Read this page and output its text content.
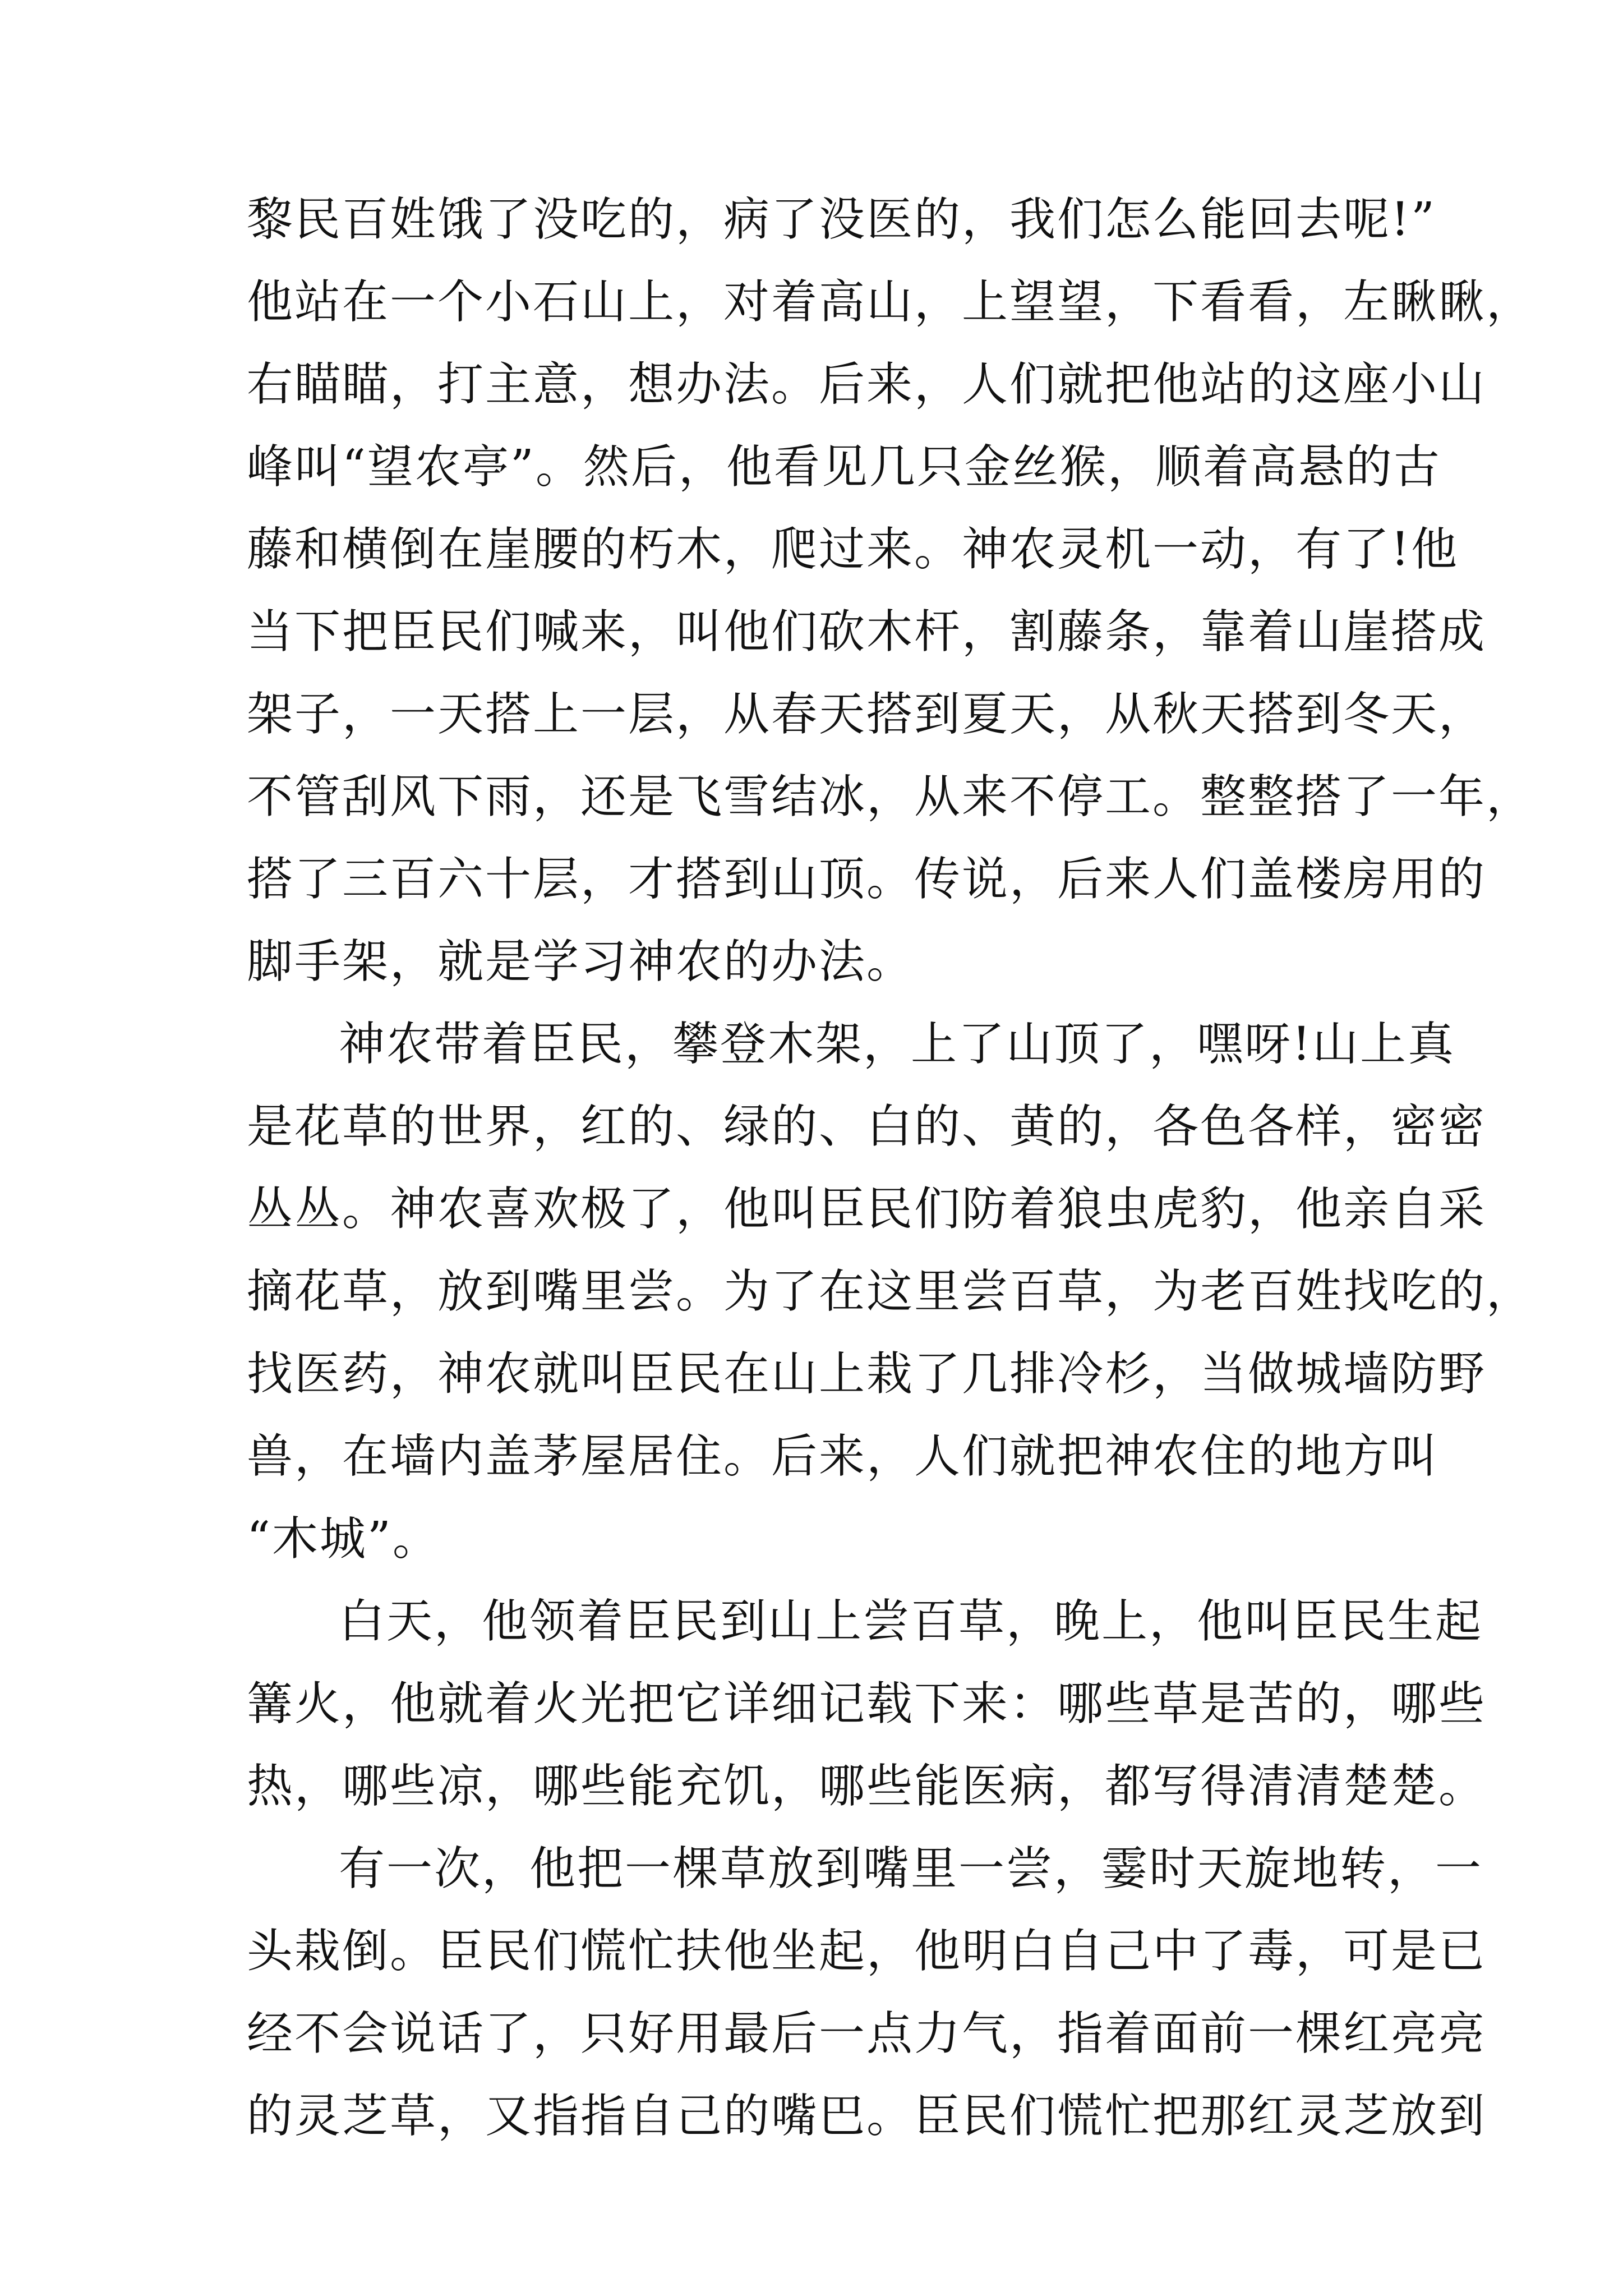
黎民百姓饿了没吃的，病了没医的，我们怎么能回去呢!”
他站在一个小石山上，对着高山，上望望，下看看，左瞅瞅，
右瞄瞄，打主意，想办法。后来，人们就把他站的这座小山
峰叫“望农亭”。然后，他看见几只金丝猴，顺着高悬的古
藤和横倒在崖腰的朽木，爬过来。神农灵机一动，有了!他
当下把臣民们喊来，叫他们砍木杆，割藤条，靠着山崖搭成
架子，一天搭上一层，从春天搭到夏天，从秋天搭到冬天，
不管刮风下雨，还是飞雪结冰，从来不停工。整整搭了一年，
搭了三百六十层，才搭到山顶。传说，后来人们盖楼房用的
脚手架，就是学习神农的办法。
神农带着臣民，攀登木架，上了山顶了，嘿呀!山上真
是花草的世界，红的、绿的、白的、黄的，各色各样，密密
丛丛。神农喜欢极了，他叫臣民们防着狼虫虎豹，他亲自采
摘花草，放到嘴里尝。为了在这里尝百草，为老百姓找吃的，
找医药，神农就叫臣民在山上栽了几排冷杉，当做城墙防野
兽，在墙内盖茅屋居住。后来，人们就把神农住的地方叫
“木城”。
白天，他领着臣民到山上尝百草，晚上，他叫臣民生起
篝火，他就着火光把它详细记载下来：哪些草是苦的，哪些
热，哪些凉，哪些能充饥，哪些能医病，都写得清清楚楚。
有一次，他把一棵草放到嘴里一尝，霎时天旋地转，一
头栽倒。臣民们慌忙扶他坐起，他明白自己中了毒，可是已
经不会说话了，只好用最后一点力气，指着面前一棵红亮亮
的灵芝草，又指指自己的嘴巴。臣民们慌忙把那红灵芝放到
